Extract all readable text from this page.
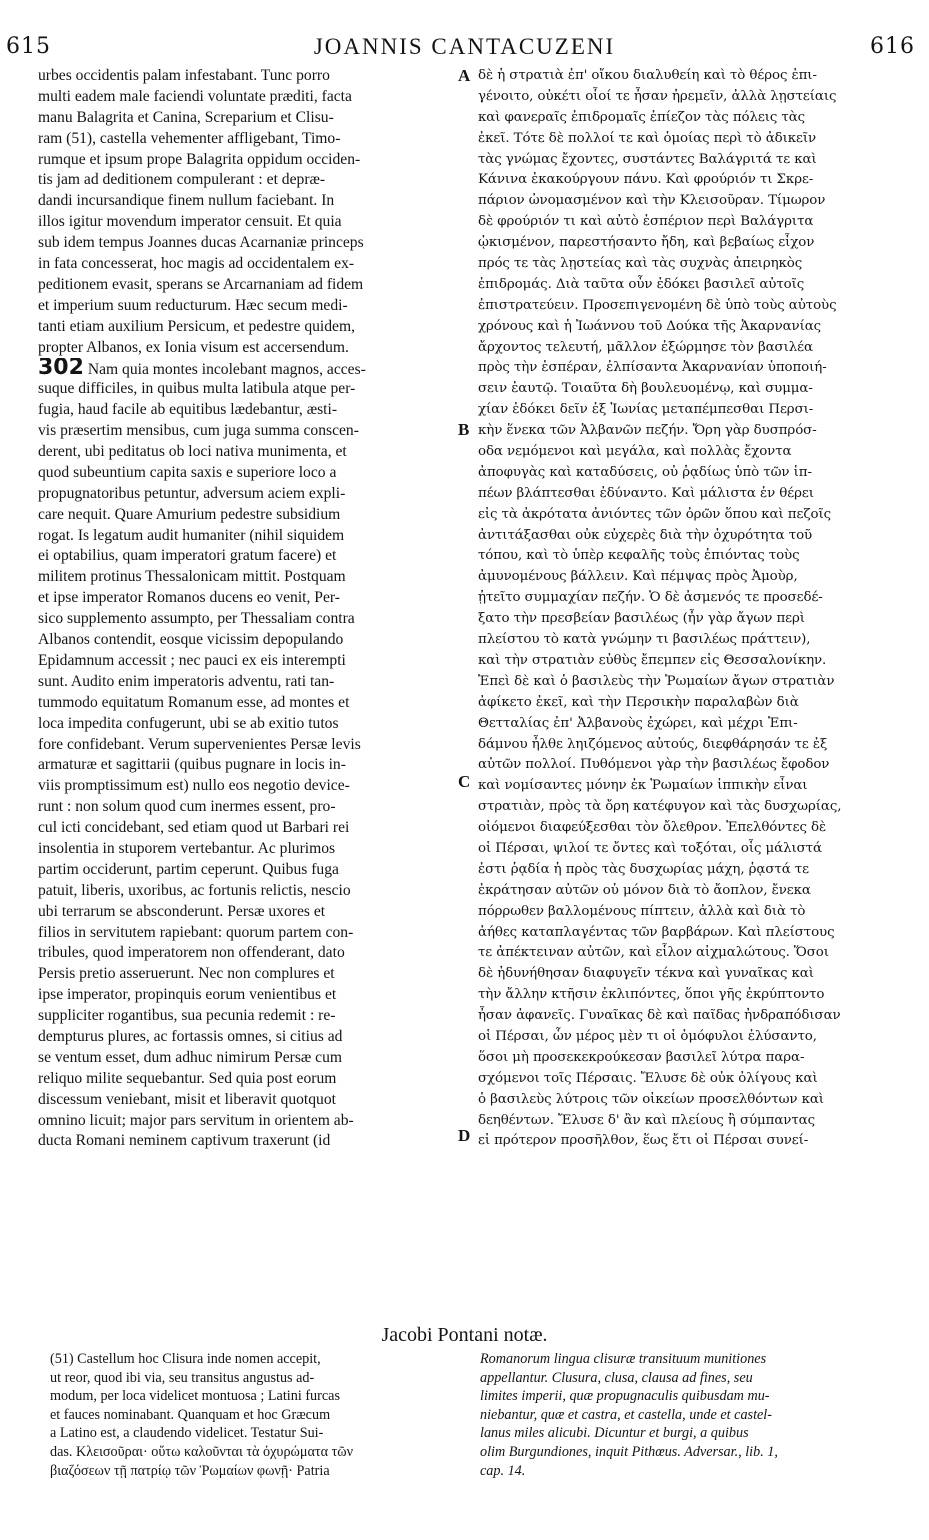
615	JOANNIS CANTACUZENI	616
urbes occidentis palam infestabant. Tunc porro
multi eadem male faciendi voluntate præditi, facta
manu Balagrita et Canina, Screparium et Clisu-
ram (51), castella vehementer affligebant, Timo-
rumque et ipsum prope Balagrita oppidum occiden-
tis jam ad deditionem compulerant : et depræ-
dandi incursandique finem nullum faciebant. In
illos igitur movendum imperator censuit. Et quia
sub idem tempus Joannes ducas Acarnaniæ princeps
in fata concesserat, hoc magis ad occidentalem ex-
peditionem evasit, sperans se Arcarnaniam ad fidem
et imperium suum reducturum. Hæc secum medi-
tanti etiam auxilium Persicum, et pedestre quidem,
propter Albanos, ex Ionia visum est accersendum.
302 Nam quia montes incolebant magnos, acces-
suque difficiles, in quibus multa latibula atque per-
fugia, haud facile ab equitibus lædebantur, æsti-
vis præsertim mensibus, cum juga summa conscen-
derent, ubi peditatus ob loci nativa munimenta, et
quod subeuntium capita saxis e superiore loco a
propugnatoribus petuntur, adversum aciem expli-
care nequit. Quare Amurium pedestre subsidium
rogat. Is legatum audit humaniter (nihil siquidem
ei optabilius, quam imperatori gratum facere) et
militem protinus Thessalonicam mittit. Postquam
et ipse imperator Romanos ducens eo venit, Per-
sico supplemento assumpto, per Thessaliam contra
Albanos contendit, eosque vicissim depopulando
Epidamnum accessit ; nec pauci ex eis interempti
sunt. Audito enim imperatoris adventu, rati tan-
tummodo equitatum Romanum esse, ad montes et
loca impedita confugerunt, ubi se ab exitio tutos
fore confidebant. Verum supervenientes Persæ levis
armaturæ et sagittarii (quibus pugnare in locis in-
viis promptissimum est) nullo eos negotio device-
runt : non solum quod cum inermes essent, pro-
cul icti concidebant, sed etiam quod ut Barbari rei
insolentia in stuporem vertebantur. Ac plurimos
partim occiderunt, partim ceperunt. Quibus fuga
patuit, liberis, uxoribus, ac fortunis relictis, nescio
ubi terrarum se absconderunt. Persæ uxores et
filios in servitutem rapiebant: quorum partem con-
tribules, quod imperatorem non offenderant, dato
Persis pretio asseruerunt. Nec non complures et
ipse imperator, propinquis eorum venientibus et
suppliciter rogantibus, sua pecunia redemit : re-
dempturus plures, ac fortassis omnes, si citius ad
se ventum esset, dum adhuc nimirum Persæ cum
reliquo milite sequebantur. Sed quia post eorum
discessum veniebant, misit et liberavit quotquot
omnino licuit; major pars servitum in orientem ab-
ducta Romani neminem captivum traxerunt (id
δὲ ἡ στρατιὰ ἐπ' οἴκου διαλυθείη καὶ τὸ θέρος ἐπι-
γένοιτο, οὐκέτι οἷοί τε ἦσαν ἠρεμεῖν, ἀλλὰ λῃστείαις
καὶ φανεραῖς ἐπιδρομαῖς ἐπίεζον τὰς πόλεις τὰς
ἐκεῖ. Τότε δὲ πολλοί τε καὶ ὁμοίας περὶ τὸ ἀδικεῖν
τὰς γνώμας ἔχοντες, συστάντες Βαλάγριτά τε καὶ
Κάνινα ἐκακούργουν πάνυ. Καὶ φρούριόν τι Σκρε-
πάριον ὠνομασμένον καὶ τὴν Κλεισοῦραν. Τίμωρον
δὲ φρούριόν τι καὶ αὐτὸ ἑσπέριον περὶ Βαλάγριτα
ᾠκισμένον, παρεστήσαντο ἤδη, καὶ βεβαίως εἶχον
πρός τε τὰς λῃστείας καὶ τὰς συχνὰς ἀπειρηκὸς
ἐπιδρομάς. Διὰ ταῦτα οὖν ἐδόκει βασιλεῖ αὐτοῖς
ἐπιστρατεύειν. Προσεπιγενομένη δὲ ὑπὸ τοὺς αὐτοὺς
χρόνους καὶ ἡ Ἰωάννου τοῦ Δούκα τῆς Ἀκαρνανίας
ἄρχοντος τελευτή, μᾶλλον ἐξώρμησε τὸν βασιλέα
πρὸς τὴν ἑσπέραν, ἐλπίσαντα Ἀκαρνανίαν ὑποποιή-
σειν ἑαυτῷ. Τοιαῦτα δὴ βουλευομένῳ, καὶ συμμα-
χίαν ἐδόκει δεῖν ἐξ Ἰωνίας μεταπέμπεσθαι Περσι-
κὴν ἕνεκα τῶν Ἀλβανῶν πεζήν. Ὄρη γὰρ δυσπρόσ-
οδα νεμόμενοι καὶ μεγάλα, καὶ πολλὰς ἔχοντα
ἀποφυγὰς καὶ καταδύσεις, οὐ ῥᾳδίως ὑπὸ τῶν ἱπ-
πέων βλάπτεσθαι ἐδύναντο. Καὶ μάλιστα ἐν θέρει
εἰς τὰ ἀκρότατα ἀνιόντες τῶν ὀρῶν ὅπου καὶ πεζοῖς
ἀντιτάξασθαι οὐκ εὐχερὲς διὰ τὴν ὀχυρότητα τοῦ
τόπου, καὶ τὸ ὑπὲρ κεφαλῆς τοὺς ἐπιόντας τοὺς
ἀμυνομένους βάλλειν. Καὶ πέμψας πρὸς Ἀμοὺρ,
ᾐτεῖτο συμμαχίαν πεζήν. Ὁ δὲ ἀσμενός τε προσεδέ-
ξατο τὴν πρεσβείαν βασιλέως (ἦν γὰρ ἄγων περὶ
πλείστου τὸ κατὰ γνώμην τι βασιλέως πράττειν),
καὶ τὴν στρατιὰν εὐθὺς ἔπεμπεν εἰς Θεσσαλονίκην.
Ἐπεὶ δὲ καὶ ὁ βασιλεὺς τὴν Ῥωμαίων ἄγων στρατιὰν
ἀφίκετο ἐκεῖ, καὶ τὴν Περσικὴν παραλαβὼν διὰ
Θετταλίας ἐπ' Ἀλβανοὺς ἐχώρει, καὶ μέχρι Ἐπι-
δάμνου ἦλθε ληιζόμενος αὐτούς, διεφθάρησάν τε ἐξ
αὐτῶν πολλοί. Πυθόμενοι γὰρ τὴν βασιλέως ἔφοδον
καὶ νομίσαντες μόνην ἐκ Ῥωμαίων ἱππικὴν εἶναι
στρατιὰν, πρὸς τὰ ὄρη κατέφυγον καὶ τὰς δυσχωρίας,
οἰόμενοι διαφεύξεσθαι τὸν ὄλεθρον. Ἐπελθόντες δὲ
οἱ Πέρσαι, ψιλοί τε ὄντες καὶ τοξόται, οἷς μάλιστά
ἐστι ῥᾳδία ἡ πρὸς τὰς δυσχωρίας μάχη, ῥᾳστά τε
ἐκράτησαν αὐτῶν οὐ μόνον διὰ τὸ ἄοπλον, ἔνεκα
πόρρωθεν βαλλομένους πίπτειν, ἀλλὰ καὶ διὰ τὸ
ἀήθες καταπλαγέντας τῶν βαρβάρων. Καὶ πλείστους
τε ἀπέκτειναν αὐτῶν, καὶ εἷλον αἰχμαλώτους. Ὅσοι
δὲ ἠδυνήθησαν διαφυγεῖν τέκνα καὶ γυναῖκας καὶ
τὴν ἄλλην κτῆσιν ἐκλιπόντες, ὅποι γῆς ἐκρύπτοντο
ἦσαν ἀφανεῖς. Γυναῖκας δὲ καὶ παῖδας ἠνδραπόδισαν
οἱ Πέρσαι, ὧν μέρος μὲν τι οἱ ὁμόφυλοι ἐλύσαντο,
ὅσοι μὴ προσεκεκρούκεσαν βασιλεῖ λύτρα παρα-
σχόμενοι τοῖς Πέρσαις. Ἔλυσε δὲ οὐκ ὀλίγους καὶ
ὁ βασιλεὺς λύτροις τῶν οἰκείων προσελθόντων καὶ
δεηθέντων. Ἔλυσε δ' ἂν καὶ πλείους ἢ σύμπαντας
εἰ πρότερον προσῆλθον, ἕως ἔτι οἱ Πέρσαι συνεί-
A
B
C
D
Jacobi Pontani notæ.
(51) Castellum hoc Clisura inde nomen accepit,
ut reor, quod ibi via, seu transitus angustus ad-
modum, per loca videlicet montuosa ; Latini furcas
et fauces nominabant. Quanquam et hoc Græcum
a Latino est, a claudendo videlicet. Testatur Sui-
das. Κλεισοῦραι· οὕτω καλοῦνται τὰ ὀχυρώματα τῶν
βιαζόσεων τῇ πατρίῳ τῶν Ῥωμαίων φωνῇ· Patria
Romanorum lingua clisuræ transituum munitiones
appellantur. Clusura, clusa, clausa ad fines, seu
limites imperii, quæ propugnaculis quibusdam mu-
niebantur, quæ et castra, et castella, unde et castel-
lanus miles alicubi. Dicuntur et burgi, a quibus
olim Burgundiones, inquit Pithœus. Adversar., lib. 1,
cap. 14.
